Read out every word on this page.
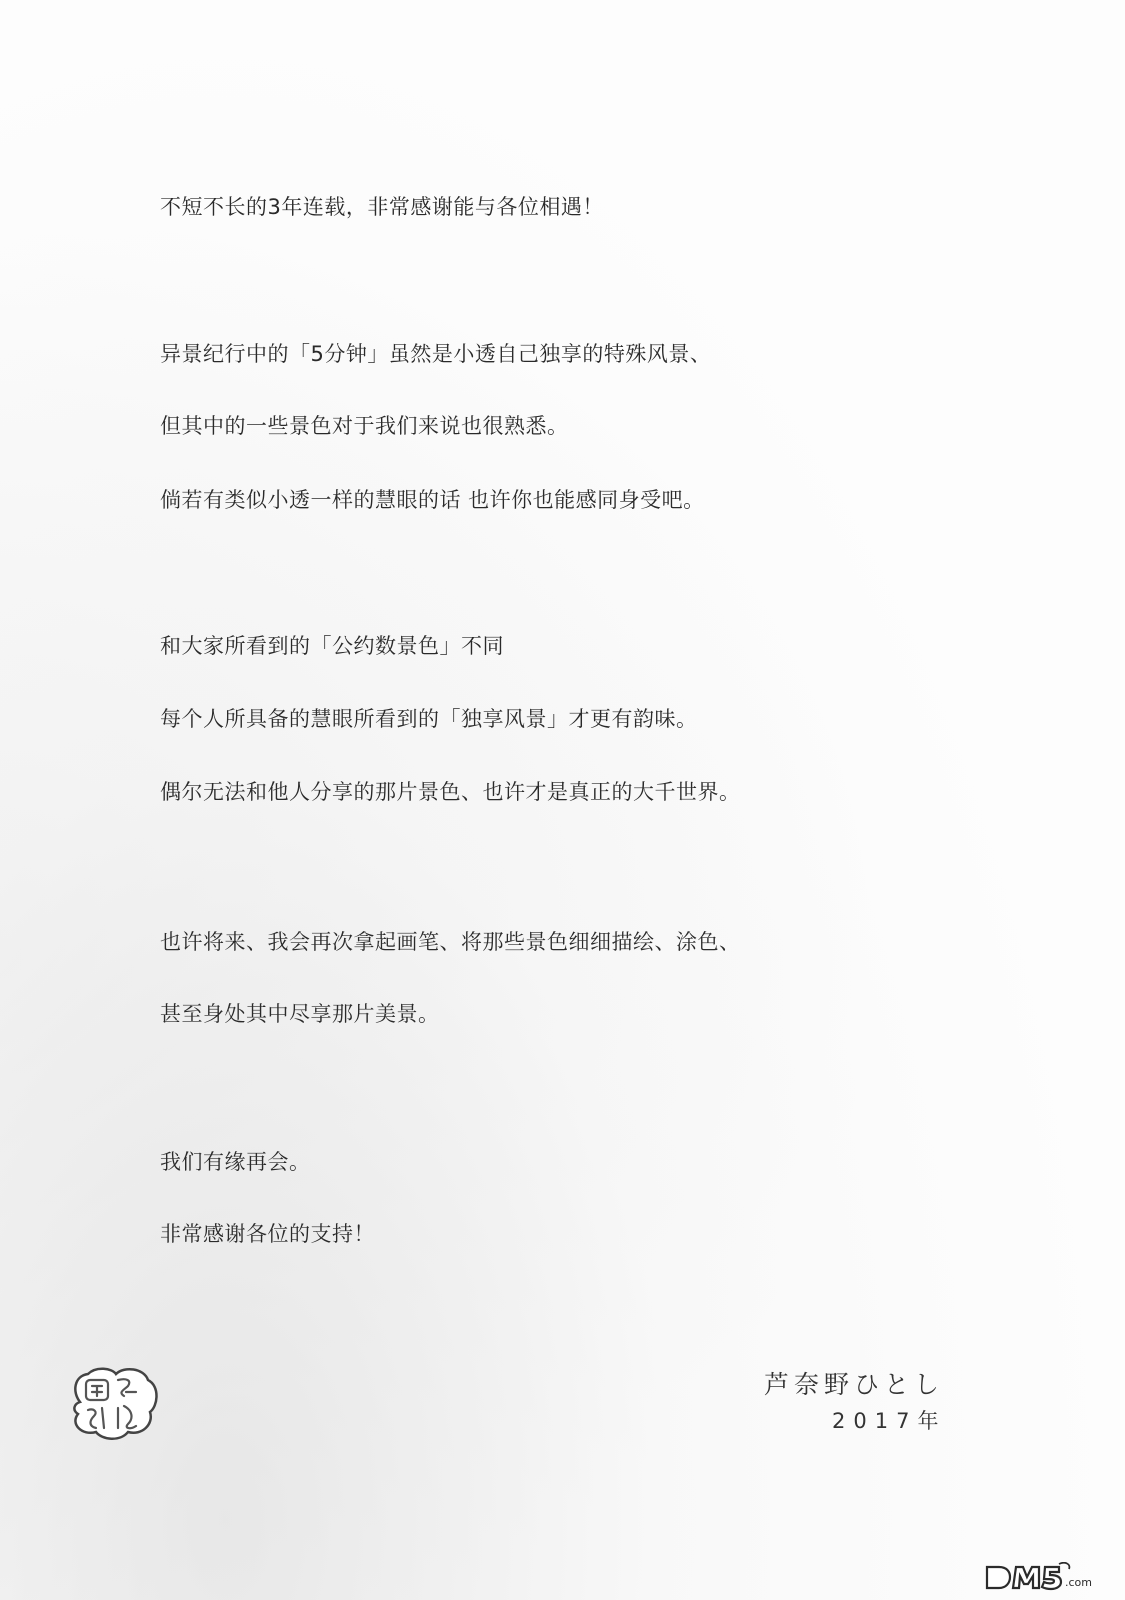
不短不长的3年连载，非常感谢能与各位相遇！
异景纪行中的「5分钟」虽然是小透自己独享的特殊风景、
但其中的一些景色对于我们来说也很熟悉。
倘若有类似小透一样的慧眼的话 也许你也能感同身受吧。
和大家所看到的「公约数景色」不同
每个人所具备的慧眼所看到的「独享风景」才更有韵味。
偶尔无法和他人分享的那片景色、也许才是真正的大千世界。
也许将来、我会再次拿起画笔、将那些景色细细描绘、涂色、
甚至身处其中尽享那片美景。
我们有缘再会。
非常感谢各位的支持！
芦奈野ひとし
2017年
.com
